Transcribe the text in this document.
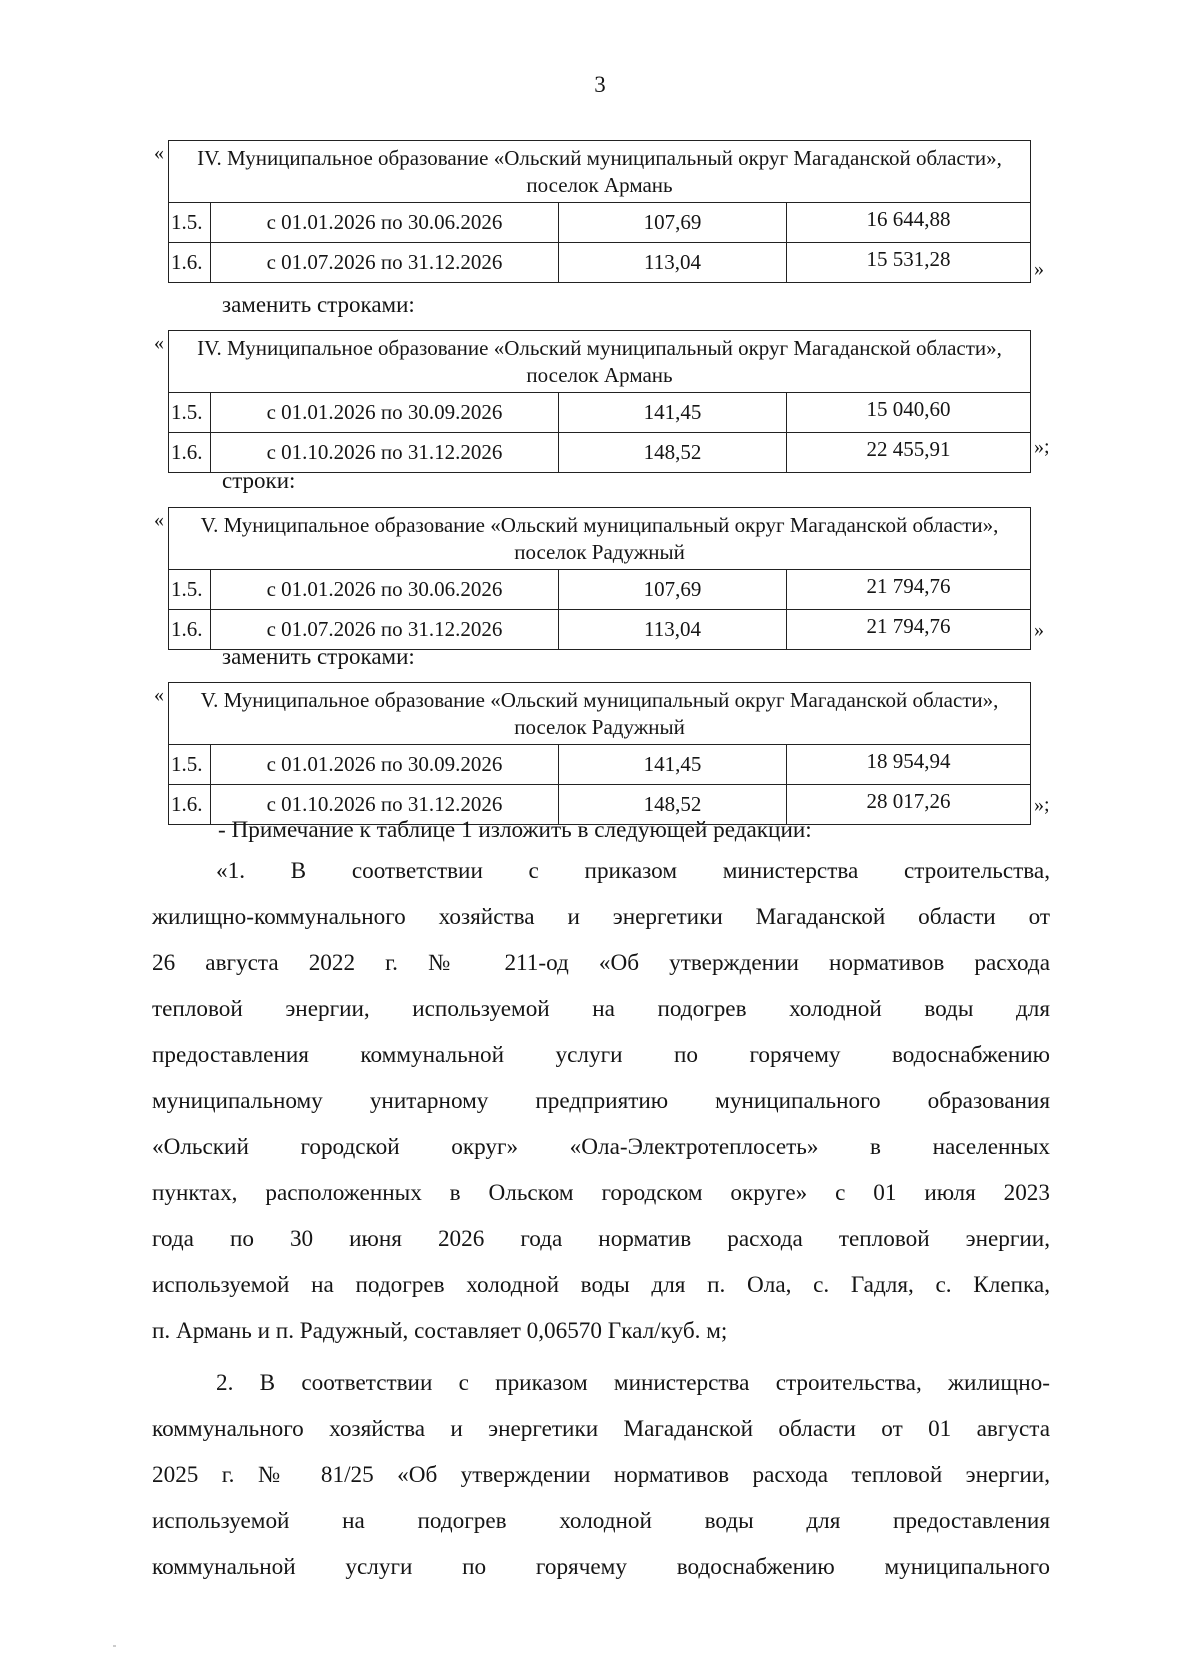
3
« IV. Муниципальное образование «Ольский муниципальный округ Магаданской области», поселок Армань			
1.5.	с 01.01.2026 по 30.06.2026	107,69	16 644,88
1.6.	с 01.07.2026 по 31.12.2026	113,04	15 531,28	»
заменить строками:
« IV. Муниципальное образование «Ольский муниципальный округ Магаданской области», поселок Армань			
1.5.	с 01.01.2026 по 30.09.2026	141,45	15 040,60
1.6.	с 01.10.2026 по 31.12.2026	148,52	22 455,91	»;
строки:
« V. Муниципальное образование «Ольский муниципальный округ Магаданской области», поселок Радужный			
1.5.	с 01.01.2026 по 30.06.2026	107,69	21 794,76
1.6.	с 01.07.2026 по 31.12.2026	113,04	21 794,76	»
заменить строками:
« V. Муниципальное образование «Ольский муниципальный округ Магаданской области», поселок Радужный			
1.5.	с 01.01.2026 по 30.09.2026	141,45	18 954,94
1.6.	с 01.10.2026 по 31.12.2026	148,52	28 017,26	»;
- Примечание к таблице 1 изложить в следующей редакции:
«1. В соответствии с приказом министерства строительства,
жилищно-коммунального хозяйства и энергетики Магаданской области от
26 августа 2022 г. № 211-од «Об утверждении нормативов расхода
тепловой энергии, используемой на подогрев холодной воды для
предоставления коммунальной услуги по горячему водоснабжению
муниципальному унитарному предприятию муниципального образования
«Ольский городской округ» «Ола-Электротеплосеть» в населенных
пунктах, расположенных в Ольском городском округе» с 01 июля 2023
года по 30 июня 2026 года норматив расхода тепловой энергии,
используемой на подогрев холодной воды для п. Ола, с. Гадля, с. Клепка,
п. Армань и п. Радужный, составляет 0,06570 Гкал/куб. м;
2. В соответствии с приказом министерства строительства, жилищно-
коммунального хозяйства и энергетики Магаданской области от 01 августа
2025 г. № 81/25 «Об утверждении нормативов расхода тепловой энергии,
используемой на подогрев холодной воды для предоставления
коммунальной услуги по горячему водоснабжению муниципального
